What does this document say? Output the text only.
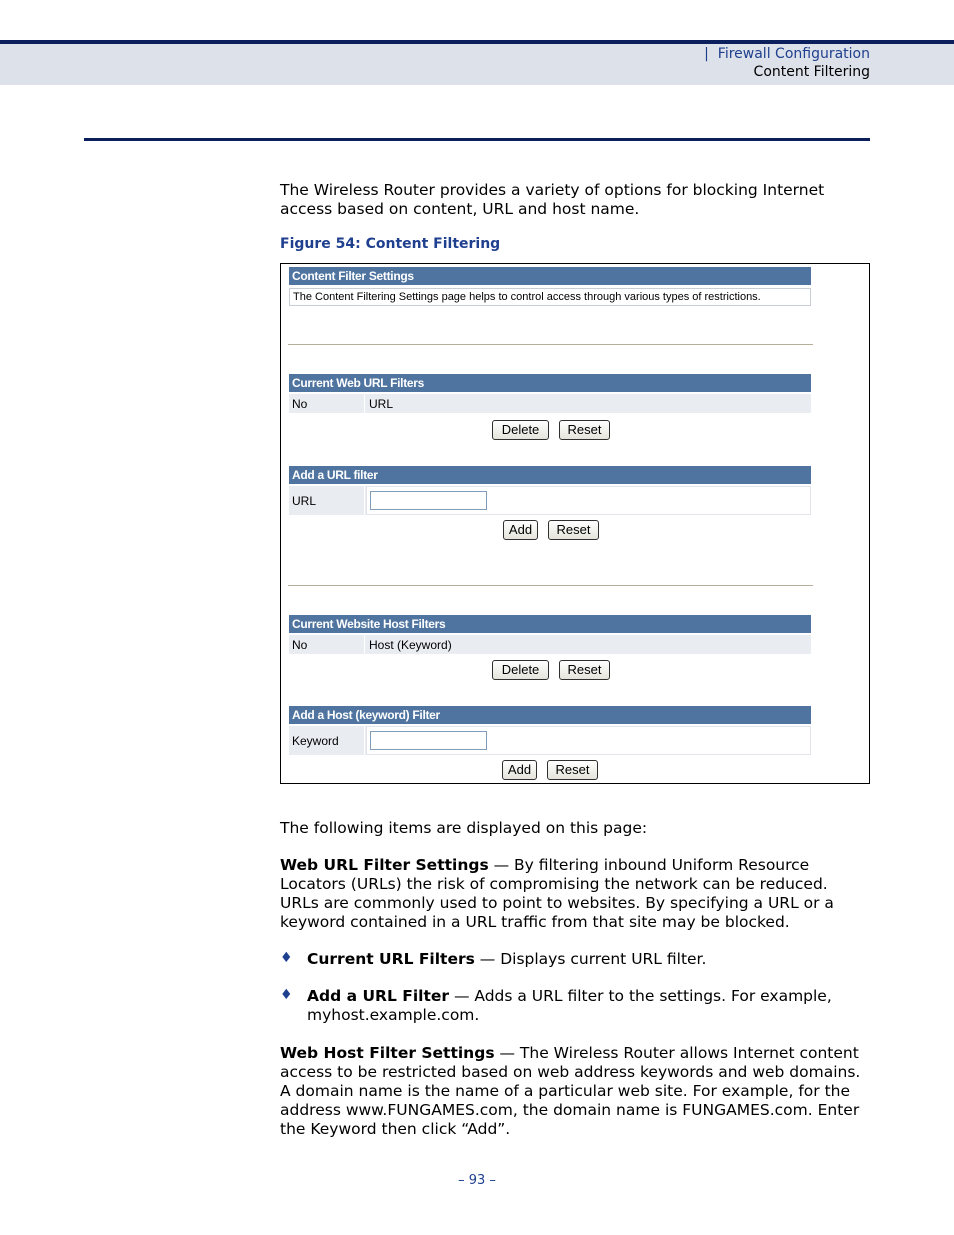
| Firewall Configuration
Content Filtering
The Wireless Router provides a variety of options for blocking Internet access based on content, URL and host name.
Figure 54: Content Filtering
Content Filter Settings
The Content Filtering Settings page helps to control access through various types of restrictions.
Current Web URL Filters
No	URL
Delete	Reset
Add a URL filter
URL
Add	Reset
Current Website Host Filters
No	Host (Keyword)
Delete	Reset
Add a Host (keyword) Filter
Keyword
Add	Reset
The following items are displayed on this page:
Web URL Filter Settings — By filtering inbound Uniform Resource Locators (URLs) the risk of compromising the network can be reduced. URLs are commonly used to point to websites. By specifying a URL or a keyword contained in a URL traffic from that site may be blocked.
♦ Current URL Filters — Displays current URL filter.
♦ Add a URL Filter — Adds a URL filter to the settings. For example, myhost.example.com.
Web Host Filter Settings — The Wireless Router allows Internet content access to be restricted based on web address keywords and web domains. A domain name is the name of a particular web site. For example, for the address www.FUNGAMES.com, the domain name is FUNGAMES.com. Enter the Keyword then click “Add”.
– 93 –
